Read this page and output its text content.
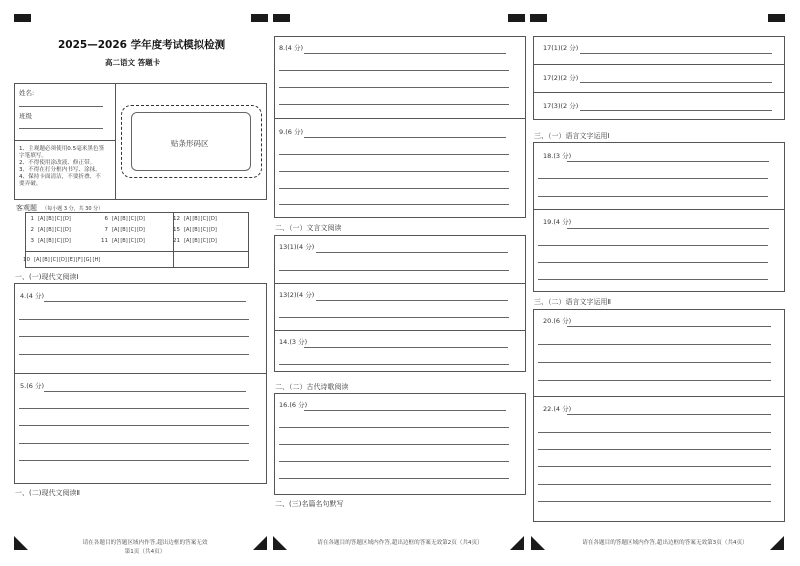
2025—2026 学年度考试模拟检测
高二语文 答题卡
姓名:
班级
1、主观题必须使用0.5毫米黑色签
字笔填写。
2、不得使用涂改液、修正带。
3、不得在打分框内书写、涂抹。
4、保持卡面清洁，不要折叠、不
要弄破。
贴条形码区
客观题 （每小题 3 分，共 30 分）
1 [A] [B] [C] [D]
2 [A] [B] [C] [D]
3 [A] [B] [C] [D]
6 [A] [B] [C] [D]
7 [A] [B] [C] [D]
11 [A] [B] [C] [D]
12 [A] [B] [C] [D]
15 [A] [B] [C] [D]
21 [A] [B] [C] [D]
10 [A] [B] [C] [D] [E] [F] [G] [H]
一、(一)现代文阅读Ⅰ
4.(4 分)
5.(6 分)
一、(二)现代文阅读Ⅱ
请在各题目的答题区域内作答,超出边框的答案无效
第1页（共4页）
8.(4 分)
9.(6 分)
二、（一）文言文阅读
13(1)(4 分)
13(2)(4 分)
14.(3 分)
二、（二）古代诗歌阅读
16.(6 分)
二、(三)名篇名句默写
请在各题目的答题区域内作答,超出边框的答案无效第2页（共4页）
17(1)(2 分)
17(2)(2 分)
17(3)(2 分)
三、（一）语言文字运用Ⅰ
18.(3 分)
19.(4 分)
三、（二）语言文字运用Ⅱ
20.(6 分)
22.(4 分)
请在各题目的答题区域内作答,超出边框的答案无效第3页（共4页）
